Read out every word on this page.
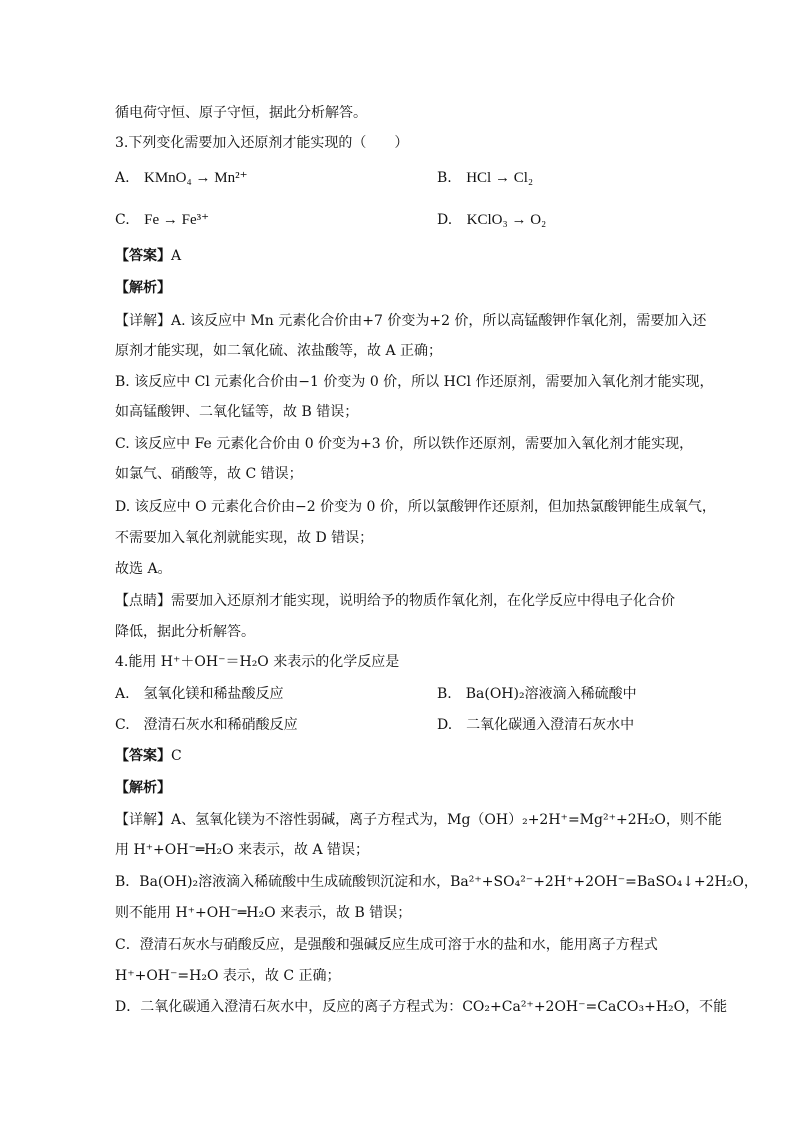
循电荷守恒、原子守恒，据此分析解答。
3.下列变化需要加入还原剂才能实现的（　　）
A. KMnO₄ → Mn²⁺	B. HCl → Cl₂
C. Fe → Fe³⁺	D. KClO₃ → O₂
【答案】A
【解析】
【详解】A. 该反应中 Mn 元素化合价由+7 价变为+2 价，所以高锰酸钾作氧化剂，需要加入还
原剂才能实现，如二氧化硫、浓盐酸等，故 A 正确；
B. 该反应中 Cl 元素化合价由−1 价变为 0 价，所以 HCl 作还原剂，需要加入氧化剂才能实现，
如高锰酸钾、二氧化锰等，故 B 错误；
C. 该反应中 Fe 元素化合价由 0 价变为+3 价，所以铁作还原剂，需要加入氧化剂才能实现，
如氯气、硝酸等，故 C 错误；
D. 该反应中 O 元素化合价由−2 价变为 0 价，所以氯酸钾作还原剂，但加热氯酸钾能生成氧气，
不需要加入氧化剂就能实现，故 D 错误；
故选 A。
【点睛】需要加入还原剂才能实现，说明给予的物质作氧化剂，在化学反应中得电子化合价
降低，据此分析解答。
4.能用 H⁺＋OH⁻＝H₂O 来表示的化学反应是
A.　氢氧化镁和稀盐酸反应	B.　Ba(OH)₂溶液滴入稀硫酸中
C.　澄清石灰水和稀硝酸反应	D.　二氧化碳通入澄清石灰水中
【答案】C
【解析】
【详解】A、氢氧化镁为不溶性弱碱，离子方程式为，Mg（OH）₂+2H⁺=Mg²⁺+2H₂O，则不能
用 H⁺+OH⁻═H₂O 来表示，故 A 错误；
B．Ba(OH)₂溶液滴入稀硫酸中生成硫酸钡沉淀和水，Ba²⁺+SO₄²⁻+2H⁺+2OH⁻=BaSO₄↓+2H₂O，
则不能用 H⁺+OH⁻═H₂O 来表示，故 B 错误；
C．澄清石灰水与硝酸反应，是强酸和强碱反应生成可溶于水的盐和水，能用离子方程式
H⁺+OH⁻=H₂O 表示，故 C 正确；
D．二氧化碳通入澄清石灰水中，反应的离子方程式为：CO₂+Ca²⁺+2OH⁻=CaCO₃+H₂O，不能
